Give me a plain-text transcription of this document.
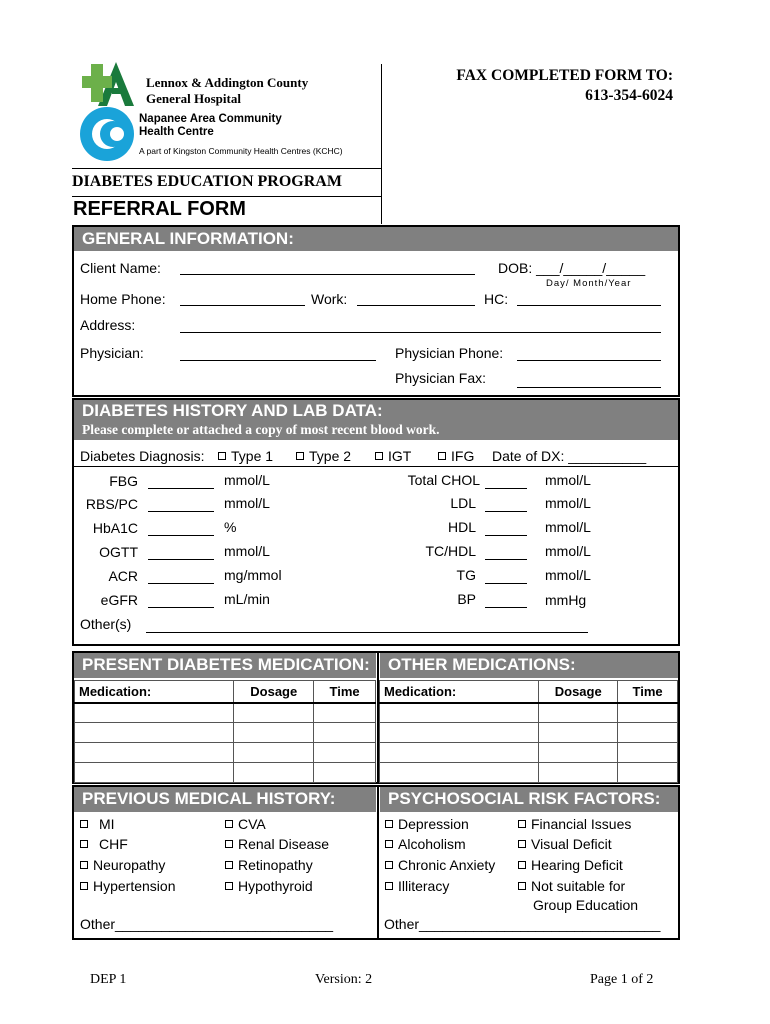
Lennox & Addington County
General Hospital
Napanee Area Community
Health Centre
A part of Kingston Community Health Centres (KCHC)
FAX COMPLETED FORM TO:
613-354-6024
DIABETES EDUCATION PROGRAM
REFERRAL FORM
GENERAL INFORMATION:
Client Name:	DOB: ___/_____/_____
Day/ Month/Year
Home Phone:	Work:	HC:
Address:
Physician:	Physician Phone:
Physician Fax:
DIABETES HISTORY AND LAB DATA:
Please complete or attached a copy of most recent blood work.
Diabetes Diagnosis:	Type 1	Type 2	IGT	IFG Date of DX: __________
FBG	mmol/L
RBS/PC	mmol/L
HbA1C	%
OGTT	mmol/L
ACR	mg/mmol
eGFR	mL/min
Total CHOL	mmol/L
LDL	mmol/L
HDL	mmol/L
TC/HDL	mmol/L
TG	mmol/L
BP	mmHg
Other(s)
PRESENT DIABETES MEDICATION:	OTHER MEDICATIONS:
Medication:	Dosage	Time

		Medication:	Dosage	Time

PREVIOUS MEDICAL HISTORY:	PSYCHOSOCIAL RISK FACTORS:
MI
CHF
Neuropathy
Hypertension
CVA
Renal Disease
Retinopathy
Hypothyroid
Other____________________________
Depression
Alcoholism
Chronic Anxiety
Illiteracy
Financial Issues
Visual Deficit
Hearing Deficit
Not suitable for
Group Education
Other_______________________________
DEP 1	Version: 2	Page 1 of 2
